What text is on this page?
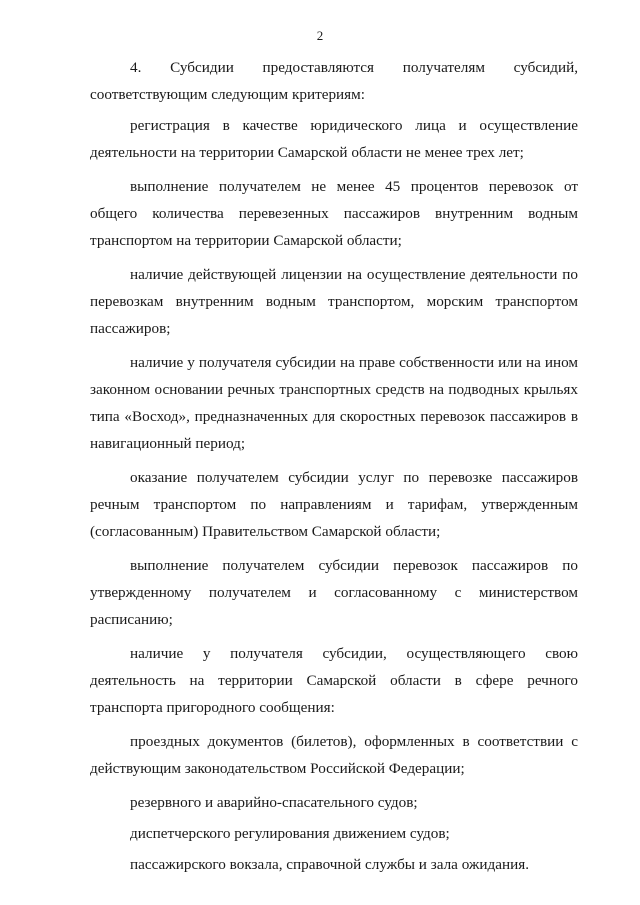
2

4. Субсидии предоставляются получателям субсидий, соответствующим следующим критериям:

регистрация в качестве юридического лица и осуществление деятельности на территории Самарской области не менее трех лет;

выполнение получателем не менее 45 процентов перевозок от общего количества перевезенных пассажиров внутренним водным транспортом на территории Самарской области;

наличие действующей лицензии на осуществление деятельности по перевозкам внутренним водным транспортом, морским транспортом пассажиров;

наличие у получателя субсидии на праве собственности или на ином законном основании речных транспортных средств на подводных крыльях типа «Восход», предназначенных для скоростных перевозок пассажиров в навигационный период;

оказание получателем субсидии услуг по перевозке пассажиров речным транспортом по направлениям и тарифам, утвержденным (согласованным) Правительством Самарской области;

выполнение получателем субсидии перевозок пассажиров по утвержденному получателем и согласованному с министерством расписанию;

наличие у получателя субсидии, осуществляющего свою деятельность на территории Самарской области в сфере речного транспорта пригородного сообщения:

проездных документов (билетов), оформленных в соответствии с действующим законодательством Российской Федерации;

резервного и аварийно-спасательного судов;

диспетчерского регулирования движением судов;

пассажирского вокзала, справочной службы и зала ожидания.
